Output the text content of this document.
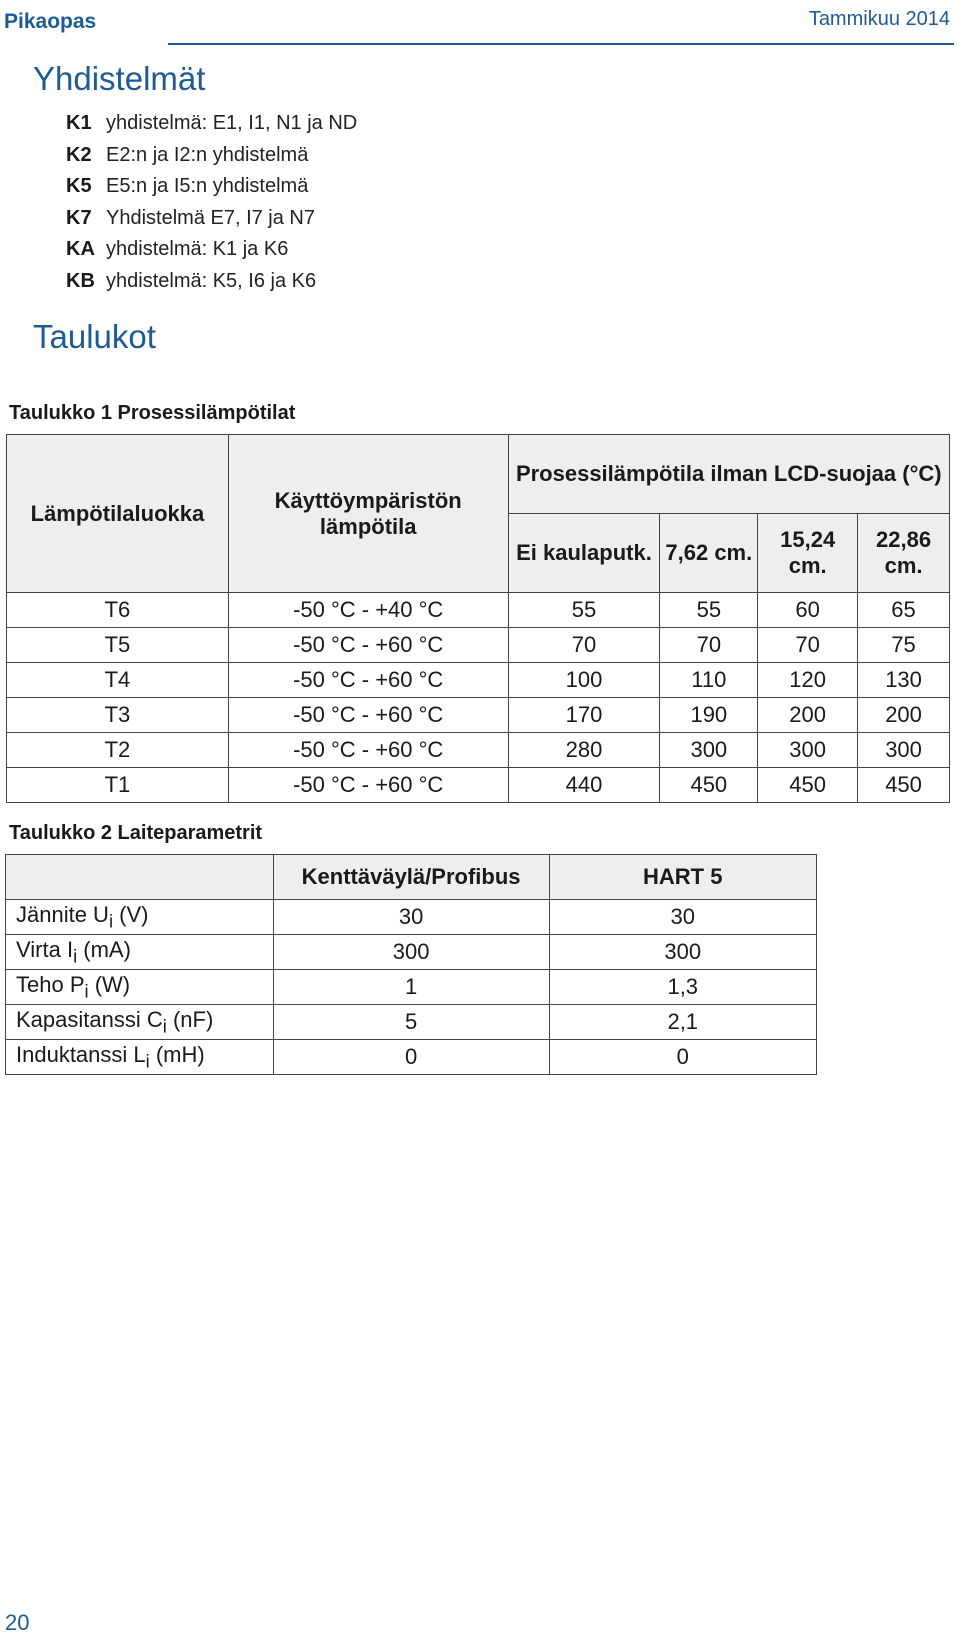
Pikaopas	Tammikuu 2014
Yhdistelmät
K1 yhdistelmä: E1, I1, N1 ja ND
K2 E2:n ja I2:n yhdistelmä
K5 E5:n ja I5:n yhdistelmä
K7 Yhdistelmä E7, I7 ja N7
KA yhdistelmä: K1 ja K6
KB yhdistelmä: K5, I6 ja K6
Taulukot
Taulukko 1 Prosessilämpötilat
Lämpötilaluokka	Käyttöympäristön lämpötila	Prosessilämpötila ilman LCD-suojaa (°C)			
		Ei kaulaputk.	7,62 cm.	15,24 cm.	22,86 cm.
T6	-50 °C - +40 °C	55	55	60	65
T5	-50 °C - +60 °C	70	70	70	75
T4	-50 °C - +60 °C	100	110	120	130
T3	-50 °C - +60 °C	170	190	200	200
T2	-50 °C - +60 °C	280	300	300	300
T1	-50 °C - +60 °C	440	450	450	450
Taulukko 2 Laiteparametrit
	Kenttäväylä/Profibus	HART 5
Jännite $U_i$ (V)	30	30
Virta $I_i$ (mA)	300	300
Teho $P_i$ (W)	1	1,3
Kapasitanssi $C_i$ (nF)	5	2,1
Induktanssi $L_i$ (mH)	0	0
20
